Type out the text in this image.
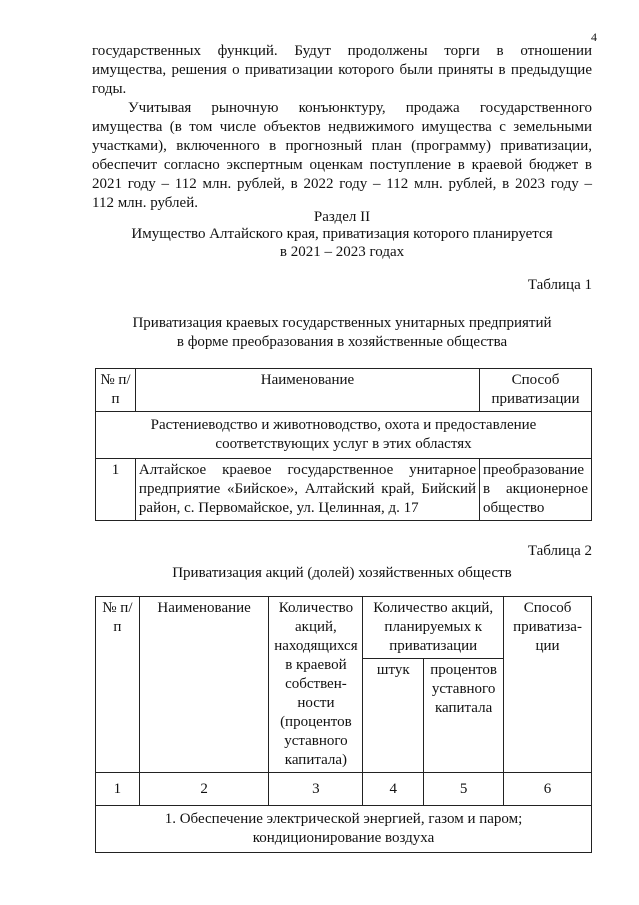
4

государственных функций. Будут продолжены торги в отношении
имущества, решения о приватизации которого были приняты в предыдущие
годы.

Учитывая рыночную конъюнктуру, продажа государственного
имущества (в том числе объектов недвижимого имущества с земельными
участками), включенного в прогнозный план (программу) приватизации,
обеспечит согласно экспертным оценкам поступление в краевой бюджет в
2021 году – 112 млн. рублей, в 2022 году – 112 млн. рублей, в 2023 году –
112 млн. рублей.

Раздел II
Имущество Алтайского края, приватизация которого планируется
в 2021 – 2023 годах
Таблица 1
Приватизация краевых государственных унитарных предприятий
в форме преобразования в хозяйственные общества
№ п/п	Наименование	Способ приватизации
Растениеводство и животноводство, охота и предоставление соответствующих услуг в этих областях		
1	Алтайское краевое государственное унитарное предприятие «Бийское», Алтайский край, Бийский район, с. Первомайское, ул. Целинная, д. 17	преобразование в акционерное общество
Таблица 2
Приватизация акций (долей) хозяйственных обществ
№ п/п	Наименование	Количество акций, находящихся в краевой собствен-ности (процентов уставного капитала)	Количество акций, планируемых к приватизации		Способ приватиза-ции
			штук	процентов уставного капитала	
1	2	3	4	5	6
1. Обеспечение электрической энергией, газом и паром; кондиционирование воздуха					
